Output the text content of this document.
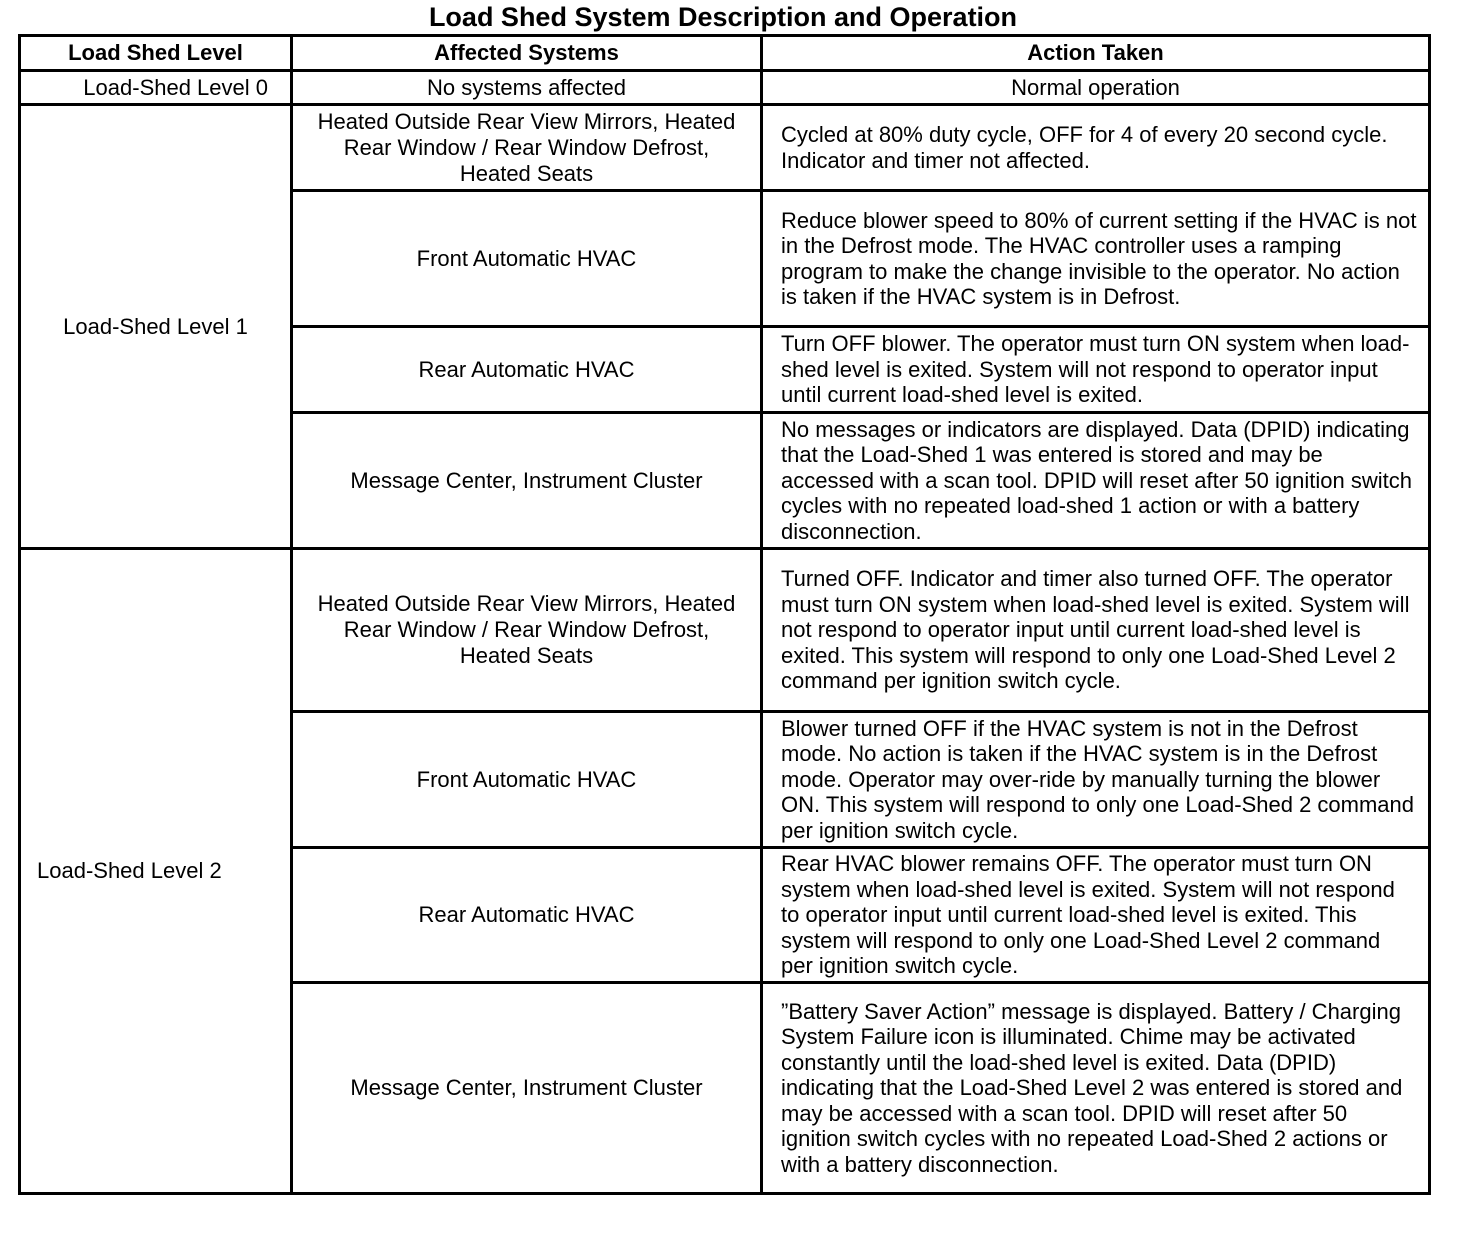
Load Shed System Description and Operation
Load Shed Level	Affected Systems	Action Taken
Load-Shed Level 0	No systems affected	Normal operation
Load-Shed Level 1	Heated Outside Rear View Mirrors, Heated Rear Window / Rear Window Defrost, Heated Seats	Cycled at 80% duty cycle, OFF for 4 of every 20 second cycle. Indicator and timer not affected.
	Front Automatic HVAC	Reduce blower speed to 80% of current setting if the HVAC is not in the Defrost mode. The HVAC controller uses a ramping program to make the change invisible to the operator. No action is taken if the HVAC system is in Defrost.
	Rear Automatic HVAC	Turn OFF blower. The operator must turn ON system when load-shed level is exited. System will not respond to operator input until current load-shed level is exited.
	Message Center, Instrument Cluster	No messages or indicators are displayed. Data (DPID) indicating that the Load-Shed 1 was entered is stored and may be accessed with a scan tool. DPID will reset after 50 ignition switch cycles with no repeated load-shed 1 action or with a battery disconnection.
Load-Shed Level 2	Heated Outside Rear View Mirrors, Heated Rear Window / Rear Window Defrost, Heated Seats	Turned OFF. Indicator and timer also turned OFF. The operator must turn ON system when load-shed level is exited. System will not respond to operator input until current load-shed level is exited. This system will respond to only one Load-Shed Level 2 command per ignition switch cycle.
	Front Automatic HVAC	Blower turned OFF if the HVAC system is not in the Defrost mode. No action is taken if the HVAC system is in the Defrost mode. Operator may over-ride by manually turning the blower ON. This system will respond to only one Load-Shed 2 command per ignition switch cycle.
	Rear Automatic HVAC	Rear HVAC blower remains OFF. The operator must turn ON system when load-shed level is exited. System will not respond to operator input until current load-shed level is exited. This system will respond to only one Load-Shed Level 2 command per ignition switch cycle.
	Message Center, Instrument Cluster	”Battery Saver Action” message is displayed. Battery / Charging System Failure icon is illuminated. Chime may be activated constantly until the load-shed level is exited. Data (DPID) indicating that the Load-Shed Level 2 was entered is stored and may be accessed with a scan tool. DPID will reset after 50 ignition switch cycles with no repeated Load-Shed 2 actions or with a battery disconnection.
